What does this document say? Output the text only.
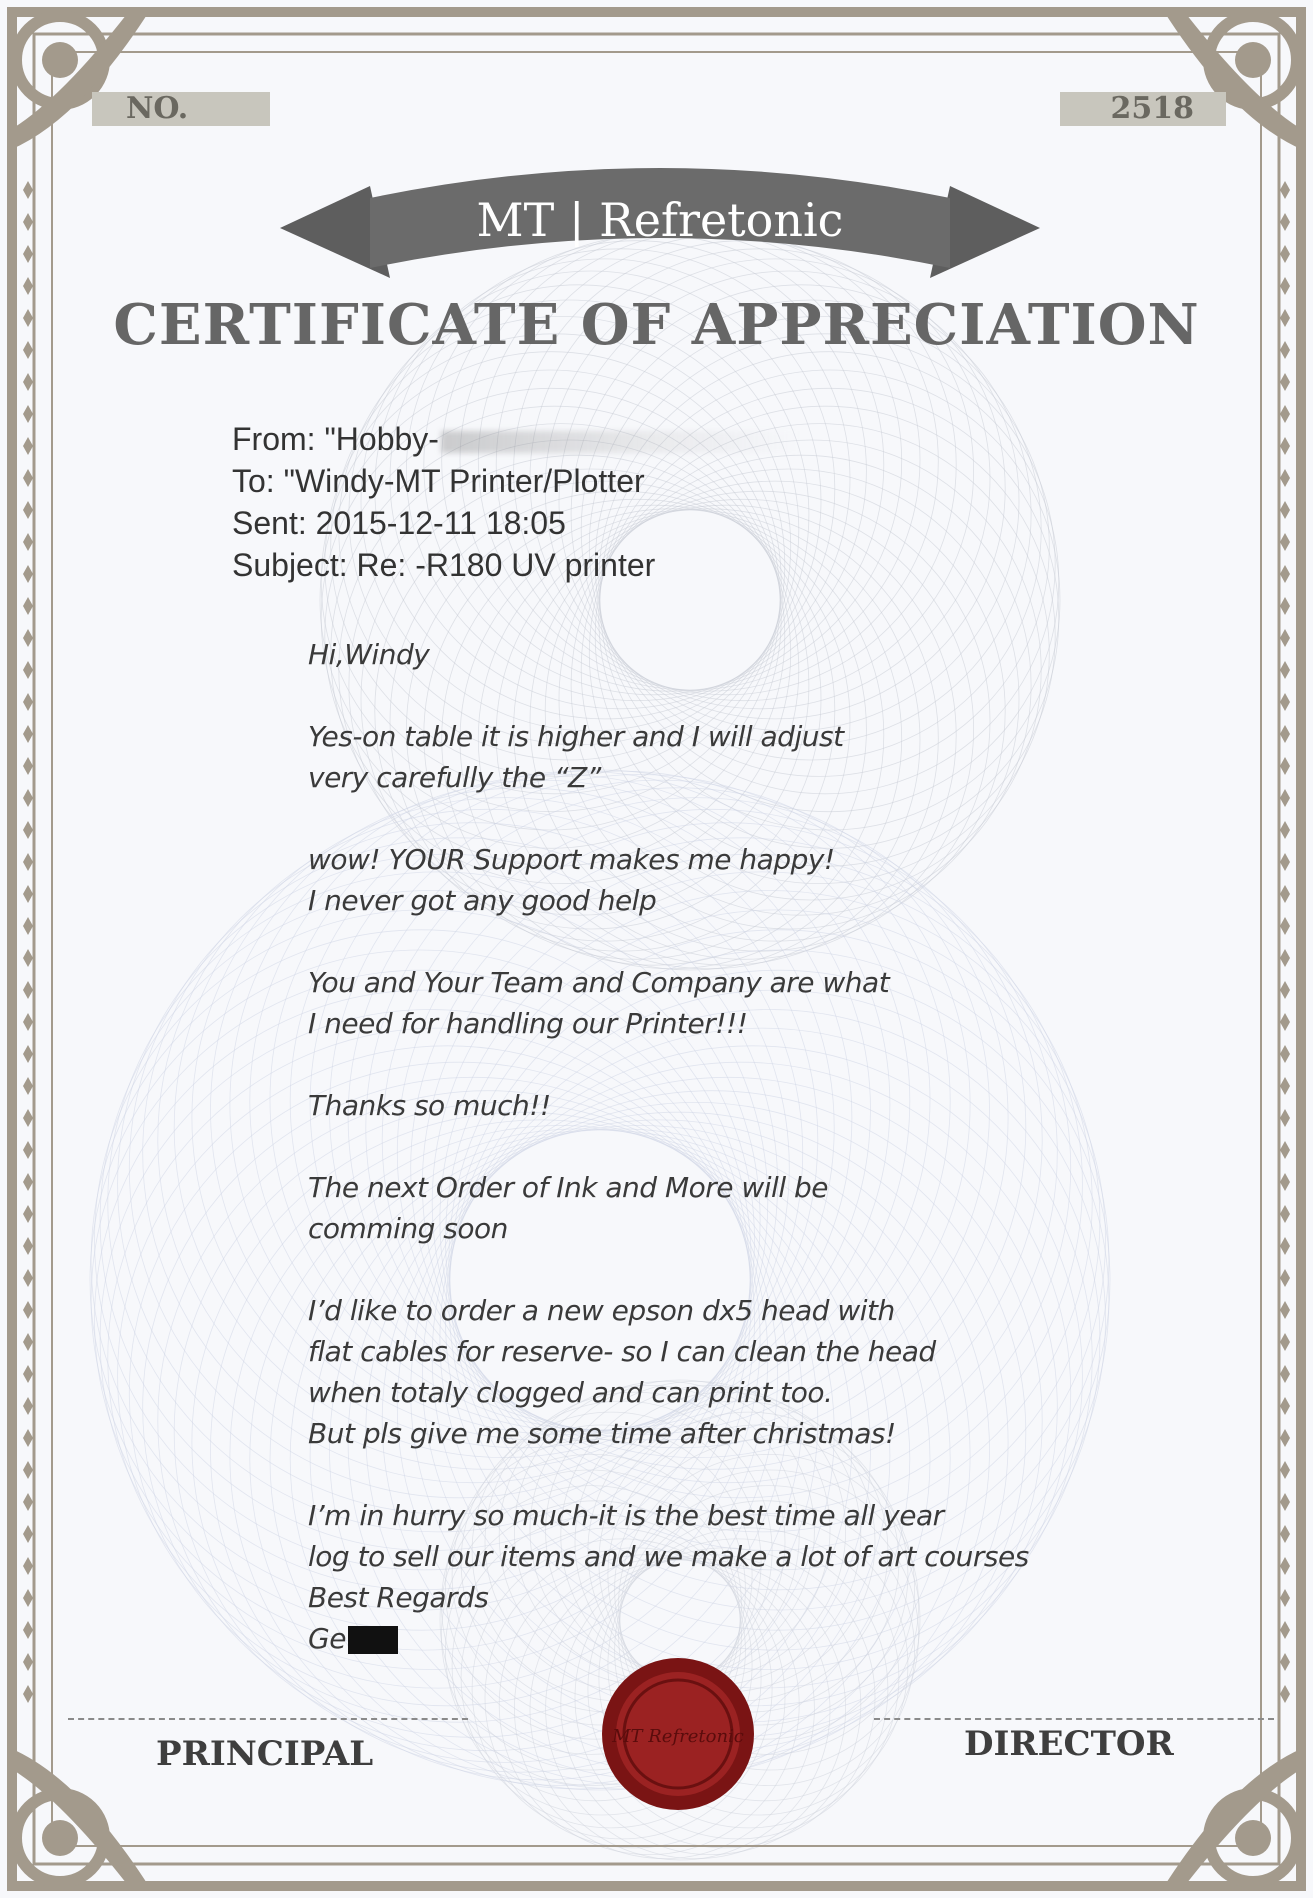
NO.	2518
MT | Refretonic
CERTIFICATE OF APPRECIATION
From: "Hobby-
To: "Windy-MT Printer/Plotter
Sent: 2015-12-11 18:05
Subject: Re: -R180 UV printer
Hi,Windy
Yes-on table it is higher and I will adjust
very carefully the “Z”
wow! YOUR Support makes me happy!
I never got any good help
You and Your Team and Company are what
I need for handling our Printer!!!
Thanks so much!!
The next Order of Ink and More will be
comming soon
I’d like to order a new epson dx5 head with
flat cables for reserve- so I can clean the head
when totaly clogged and can print too.
But pls give me some time after christmas!
I’m in hurry so much-it is the best time all year
log to sell our items and we make a lot of art courses
Best Regards
Ge
PRINCIPAL	DIRECTOR
MT Refretonic
